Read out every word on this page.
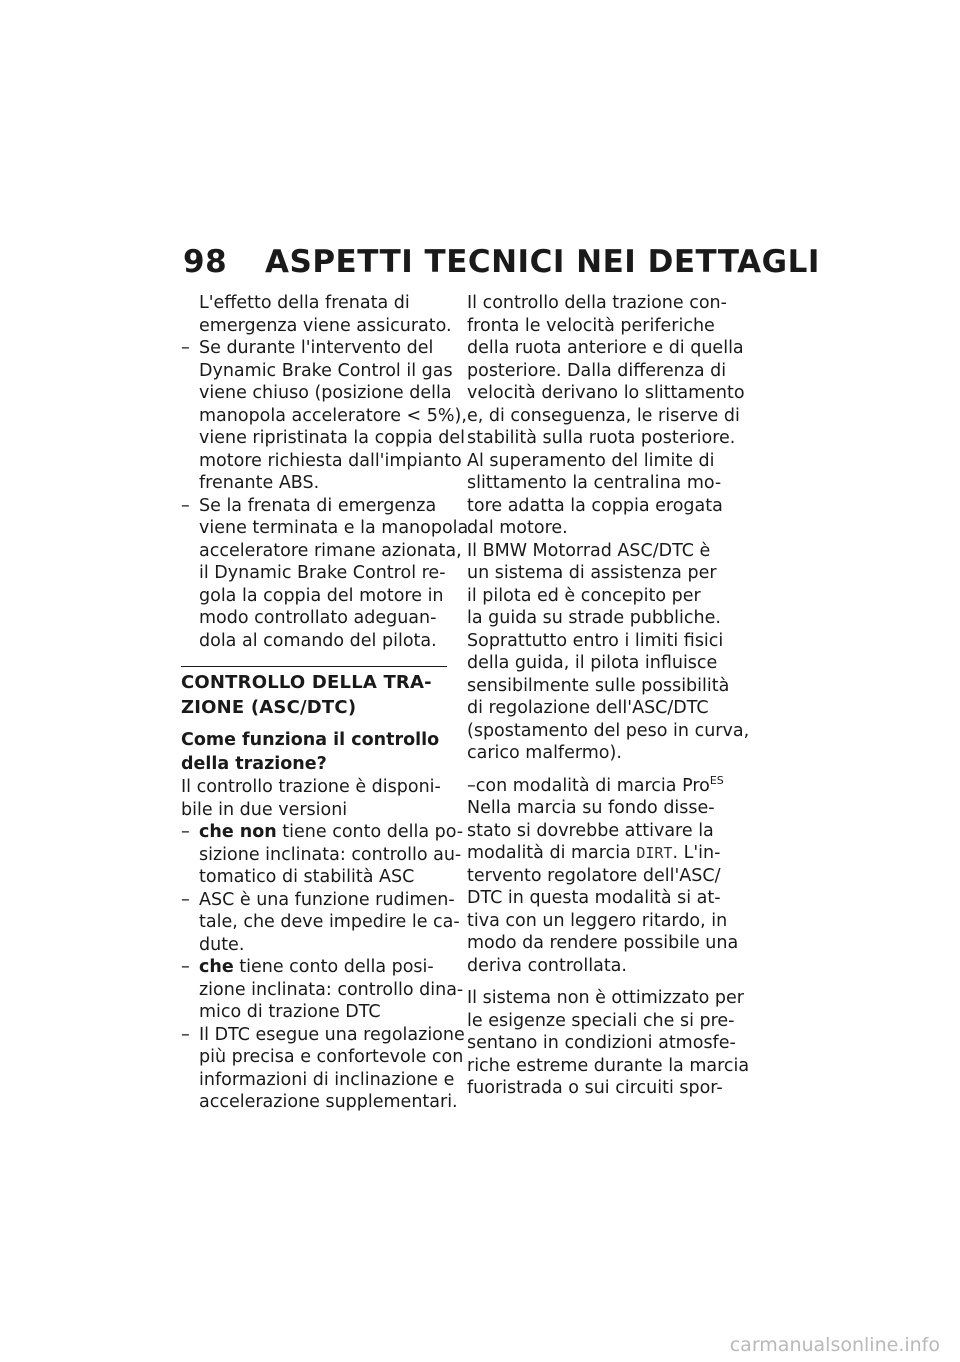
98 ASPETTI TECNICI NEI DETTAGLI
L'effetto della frenata di
emergenza viene assicurato.
– Se durante l'intervento del
Dynamic Brake Control il gas
viene chiuso (posizione della
manopola acceleratore < 5%),
viene ripristinata la coppia del
motore richiesta dall'impianto
frenante ABS.
– Se la frenata di emergenza
viene terminata e la manopola
acceleratore rimane azionata,
il Dynamic Brake Control re-
gola la coppia del motore in
modo controllato adeguan-
dola al comando del pilota.
CONTROLLO DELLA TRA-
ZIONE (ASC/DTC)
Come funziona il controllo
della trazione?
Il controllo trazione è disponi-
bile in due versioni
– che non tiene conto della po-
sizione inclinata: controllo au-
tomatico di stabilità ASC
– ASC è una funzione rudimen-
tale, che deve impedire le ca-
dute.
– che tiene conto della posi-
zione inclinata: controllo dina-
mico di trazione DTC
– Il DTC esegue una regolazione
più precisa e confortevole con
informazioni di inclinazione e
accelerazione supplementari.
Il controllo della trazione con-
fronta le velocità periferiche
della ruota anteriore e di quella
posteriore. Dalla differenza di
velocità derivano lo slittamento
e, di conseguenza, le riserve di
stabilità sulla ruota posteriore.
Al superamento del limite di
slittamento la centralina mo-
tore adatta la coppia erogata
dal motore.
Il BMW Motorrad ASC/DTC è
un sistema di assistenza per
il pilota ed è concepito per
la guida su strade pubbliche.
Soprattutto entro i limiti fisici
della guida, il pilota influisce
sensibilmente sulle possibilità
di regolazione dell'ASC/DTC
(spostamento del peso in curva,
carico malfermo).
–con modalità di marcia Pro$^{ES}$
Nella marcia su fondo disse-
stato si dovrebbe attivare la
modalità di marcia DIRT. L'in-
tervento regolatore dell'ASC/
DTC in questa modalità si at-
tiva con un leggero ritardo, in
modo da rendere possibile una
deriva controllata.
Il sistema non è ottimizzato per
le esigenze speciali che si pre-
sentano in condizioni atmosfe-
riche estreme durante la marcia
fuoristrada o sui circuiti spor-
carmanualsonline.info
